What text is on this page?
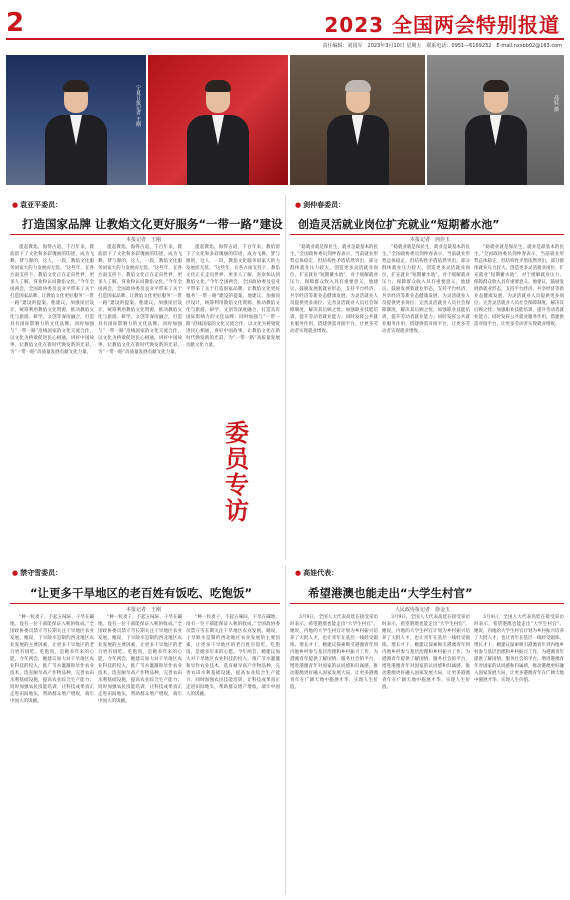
2	2023 全国两会特别报道
责任编辑：刘国军　2023年3月10日 星期五　联系电话：0951—6169232　E-mail:nxsbb02@163.com
宁夏日报记者 王刚	高娃 摄
● 袁亚平委员：
打造国家品牌 让教焰文化更好服务“一带一路”建设
本报记者　王刚
提起教焰，海得古道，千百年来，教焰留下了文化和多彩瑰丽的印迹，成为飞舞、梦与源的，这人，一段，教焰文化服务国家大的力发展而无忧。“这些年，在各方面支持下，教焰文化正在走向世界，更多人了解、喜欢和认同教焰文化。”今年全国两会，全国政协委员袁亚平带来了关于打造国家品牌、让教焰文化更好服务“一带一路”建设的提案。他建议，加强顶层设计，统筹利用教焰文化资源，推动教焰文化与旅游、研学、文创等深度融合，打造具有国际影响力的文化品牌；同时加强与“一带一路”沿线国家的文化交流合作，以文化为桥梁促进民心相通，讲好中国故事，让教焰文化在新时代焕发新的光彩，为“一带一路”高质量发展贡献文化力量。
提起教焰，海得古道，千百年来，教焰留下了文化和多彩瑰丽的印迹，成为飞舞、梦与源的，这人，一段，教焰文化服务国家大的力发展而无忧。“这些年，在各方面支持下，教焰文化正在走向世界，更多人了解、喜欢和认同教焰文化。”今年全国两会，全国政协委员袁亚平带来了关于打造国家品牌、让教焰文化更好服务“一带一路”建设的提案。他建议，加强顶层设计，统筹利用教焰文化资源，推动教焰文化与旅游、研学、文创等深度融合，打造具有国际影响力的文化品牌；同时加强与“一带一路”沿线国家的文化交流合作，以文化为桥梁促进民心相通，讲好中国故事，让教焰文化在新时代焕发新的光彩，为“一带一路”高质量发展贡献文化力量。
提起教焰，海得古道，千百年来，教焰留下了文化和多彩瑰丽的印迹，成为飞舞、梦与源的，这人，一段，教焰文化服务国家大的力发展而无忧。“这些年，在各方面支持下，教焰文化正在走向世界，更多人了解、喜欢和认同教焰文化。”今年全国两会，全国政协委员袁亚平带来了关于打造国家品牌、让教焰文化更好服务“一带一路”建设的提案。他建议，加强顶层设计，统筹利用教焰文化资源，推动教焰文化与旅游、研学、文创等深度融合，打造具有国际影响力的文化品牌；同时加强与“一带一路”沿线国家的文化交流合作，以文化为桥梁促进民心相通，讲好中国故事，让教焰文化在新时代焕发新的光彩，为“一带一路”高质量发展贡献文化力量。
● 剑仲春委员：
创造灵活就业岗位扩充就业“短期蓄水池”
本报记者　何佳玉
“稳就业就是保民生，就业是最基本的民生。”全国政协委员剑仲春表示，当前就业形势总体稳定，但结构性矛盾依然突出，部分群体就业压力较大。创造更多灵活就业岗位，扩充就业“短期蓄水池”，对于缓解就业压力、保障群众收入具有重要意义。他建议，鼓励发展新就业形态，支持平台经济、共享经济等新业态健康发展，为灵活就业人员提供更多岗位；完善灵活就业人员社会保障制度，解决其后顾之忧；加强职业技能培训，提升劳动者就业能力；同时发挥公共就业服务作用，搭建供需对接平台，让更多劳动者实现就业增收。
“稳就业就是保民生，就业是最基本的民生。”全国政协委员剑仲春表示，当前就业形势总体稳定，但结构性矛盾依然突出，部分群体就业压力较大。创造更多灵活就业岗位，扩充就业“短期蓄水池”，对于缓解就业压力、保障群众收入具有重要意义。他建议，鼓励发展新就业形态，支持平台经济、共享经济等新业态健康发展，为灵活就业人员提供更多岗位；完善灵活就业人员社会保障制度，解决其后顾之忧；加强职业技能培训，提升劳动者就业能力；同时发挥公共就业服务作用，搭建供需对接平台，让更多劳动者实现就业增收。
“稳就业就是保民生，就业是最基本的民生。”全国政协委员剑仲春表示，当前就业形势总体稳定，但结构性矛盾依然突出，部分群体就业压力较大。创造更多灵活就业岗位，扩充就业“短期蓄水池”，对于缓解就业压力、保障群众收入具有重要意义。他建议，鼓励发展新就业形态，支持平台经济、共享经济等新业态健康发展，为灵活就业人员提供更多岗位；完善灵活就业人员社会保障制度，解决其后顾之忧；加强职业技能培训，提升劳动者就业能力；同时发挥公共就业服务作用，搭建供需对接平台，让更多劳动者实现就业增收。
委员专访
● 禁守雪委员：
“让更多干旱地区的老百姓有饭吃、吃饱饭”
本报记者　王刚
“种一粒麦子，不起五味际，干旱在碱地，没有一位干部能保证入秋的收成。”全国政协委员禁守雪长期关注干旱地区农业发展。她说，干旱缺水是制约西北地区农业发展的主要因素，让更多干旱地区的老百姓有饭吃、吃饱饭，是她多年来的心愿。今年两会，她建议加大对干旱地区农业科技的投入，推广节水灌溉和旱作农业技术，选育耐旱高产作物品种，完善农田水利基础设施，提高农业综合生产能力；同时加强农民技能培训，让科技成果真正走进田间地头，帮助群众增产增收，端牢中国人的饭碗。
“种一粒麦子，不起五味际，干旱在碱地，没有一位干部能保证入秋的收成。”全国政协委员禁守雪长期关注干旱地区农业发展。她说，干旱缺水是制约西北地区农业发展的主要因素，让更多干旱地区的老百姓有饭吃、吃饱饭，是她多年来的心愿。今年两会，她建议加大对干旱地区农业科技的投入，推广节水灌溉和旱作农业技术，选育耐旱高产作物品种，完善农田水利基础设施，提高农业综合生产能力；同时加强农民技能培训，让科技成果真正走进田间地头，帮助群众增产增收，端牢中国人的饭碗。
“种一粒麦子，不起五味际，干旱在碱地，没有一位干部能保证入秋的收成。”全国政协委员禁守雪长期关注干旱地区农业发展。她说，干旱缺水是制约西北地区农业发展的主要因素，让更多干旱地区的老百姓有饭吃、吃饱饭，是她多年来的心愿。今年两会，她建议加大对干旱地区农业科技的投入，推广节水灌溉和旱作农业技术，选育耐旱高产作物品种，完善农田水利基础设施，提高农业综合生产能力；同时加强农民技能培训，让科技成果真正走进田间地头，帮助群众增产增收，端牢中国人的饭碗。
● 高娃代表：
希望港澳也能走出“大学生村官”
人民政协报记者　徐金玉
3月9日，全国人大代表高娃在接受采访时表示，希望港澳也能走出“大学生村官”。她说，内地的大学生村官计划为乡村振兴培养了大批人才，也让青年在基层一线经受锻炼、增长才干。她建议探索吸引港澳青年到内地乡村参与基层治理和乡村振兴工作，为港澳青年提供了解国情、服务社会的平台，增进港澳青年对国家的认同感和归属感，推动港澳更好融入国家发展大局，让更多港澳青年在广阔天地中施展才华、实现人生价值。
3月9日，全国人大代表高娃在接受采访时表示，希望港澳也能走出“大学生村官”。她说，内地的大学生村官计划为乡村振兴培养了大批人才，也让青年在基层一线经受锻炼、增长才干。她建议探索吸引港澳青年到内地乡村参与基层治理和乡村振兴工作，为港澳青年提供了解国情、服务社会的平台，增进港澳青年对国家的认同感和归属感，推动港澳更好融入国家发展大局，让更多港澳青年在广阔天地中施展才华、实现人生价值。
3月9日，全国人大代表高娃在接受采访时表示，希望港澳也能走出“大学生村官”。她说，内地的大学生村官计划为乡村振兴培养了大批人才，也让青年在基层一线经受锻炼、增长才干。她建议探索吸引港澳青年到内地乡村参与基层治理和乡村振兴工作，为港澳青年提供了解国情、服务社会的平台，增进港澳青年对国家的认同感和归属感，推动港澳更好融入国家发展大局，让更多港澳青年在广阔天地中施展才华、实现人生价值。
